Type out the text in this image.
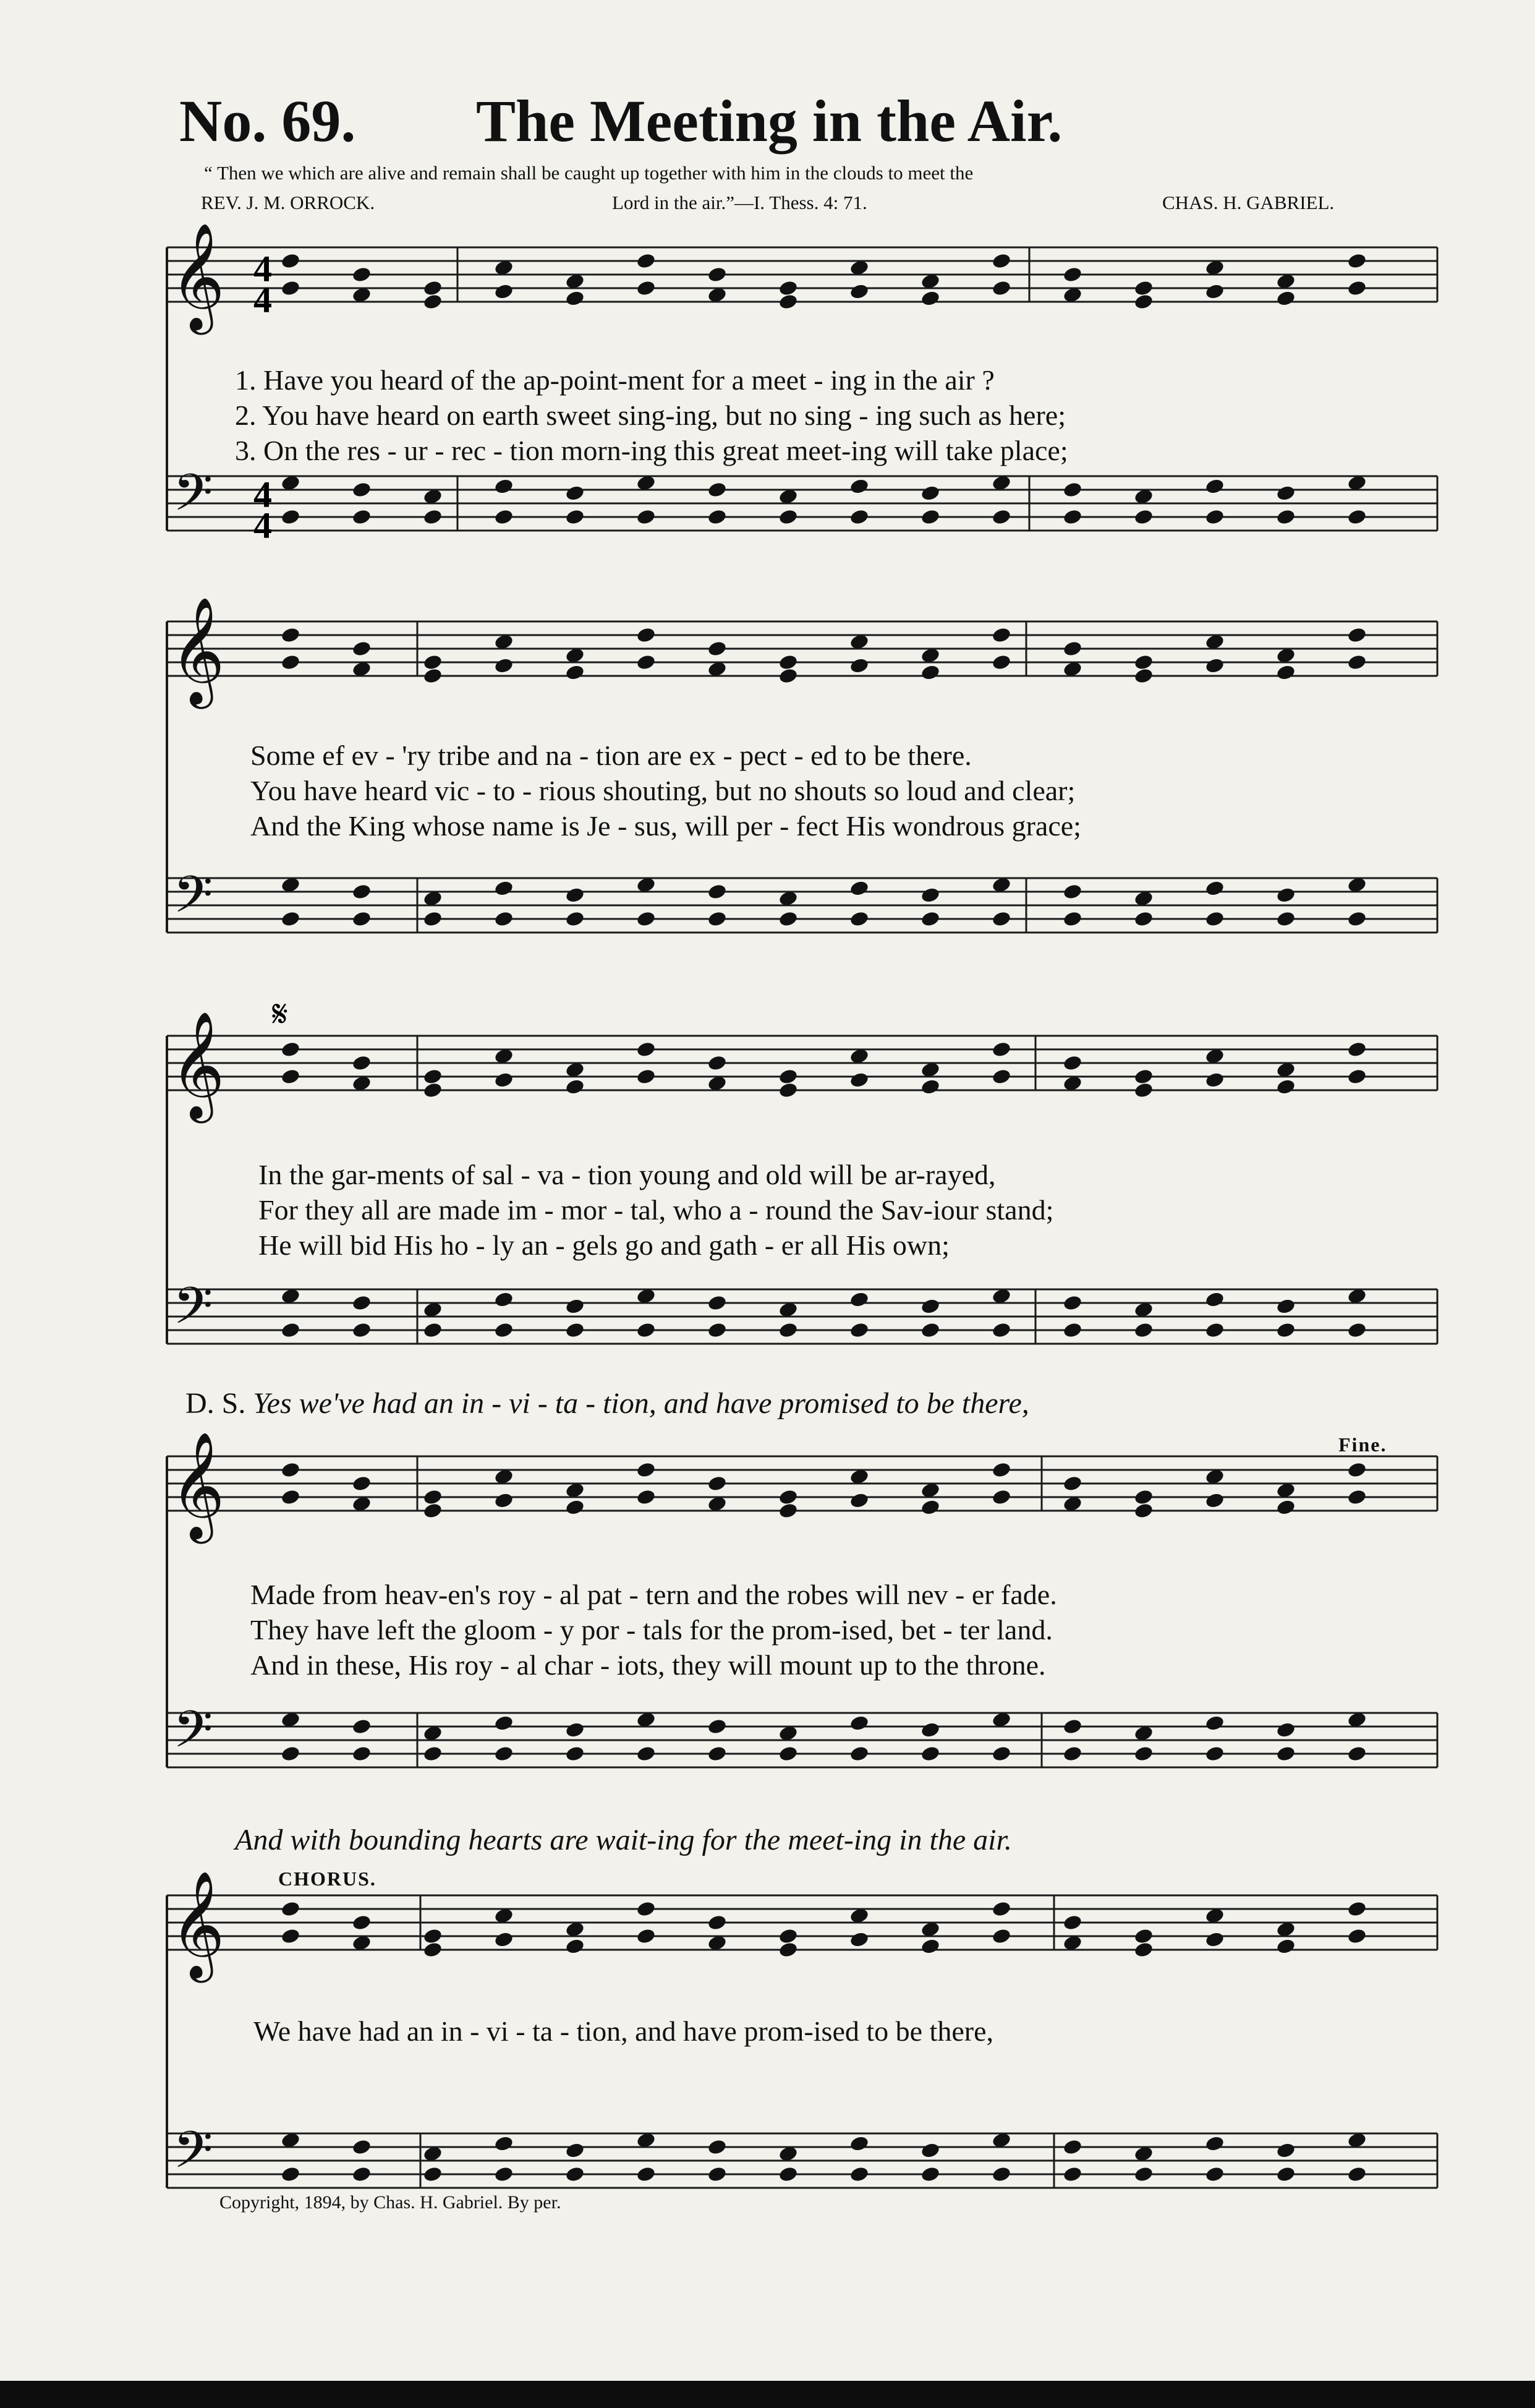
No. 69. The Meeting in the Air.
“ Then we which are alive and remain shall be caught up together with him in the clouds to meet the
REV. J. M. ORROCK.	Lord in the air.”—I. Thess. 4: 71.	CHAS. H. GABRIEL.
𝄞
𝄢
𝄞
𝄢
𝄞
𝄢
𝄞
𝄢
𝄞
𝄢
4
4
4
4
𝄋
1. Have you heard of the ap-point-ment for a meet - ing in the air ?
2. You have heard on earth sweet sing-ing, but no sing - ing such as here;
3. On the res - ur - rec - tion morn-ing this great meet-ing will take place;
Some ef ev - 'ry tribe and na - tion are ex - pect - ed to be there.
You have heard vic - to - rious shouting, but no shouts so loud and clear;
And the King whose name is Je - sus, will per - fect His wondrous grace;
In the gar-ments of sal - va - tion young and old will be ar-rayed,
For they all are made im - mor - tal, who a - round the Sav-iour stand;
He will bid His ho - ly an - gels go and gath - er all His own;
D. S. Yes we've had an in - vi - ta - tion, and have promised to be there,
Fine.
Made from heav-en's roy - al pat - tern and the robes will nev - er fade.
They have left the gloom - y por - tals for the prom-ised, bet - ter land.
And in these, His roy - al char - iots, they will mount up to the throne.
And with bounding hearts are wait-ing for the meet-ing in the air.
CHORUS.
We have had an in - vi - ta - tion, and have prom-ised to be there,
Copyright, 1894, by Chas. H. Gabriel. By per.
